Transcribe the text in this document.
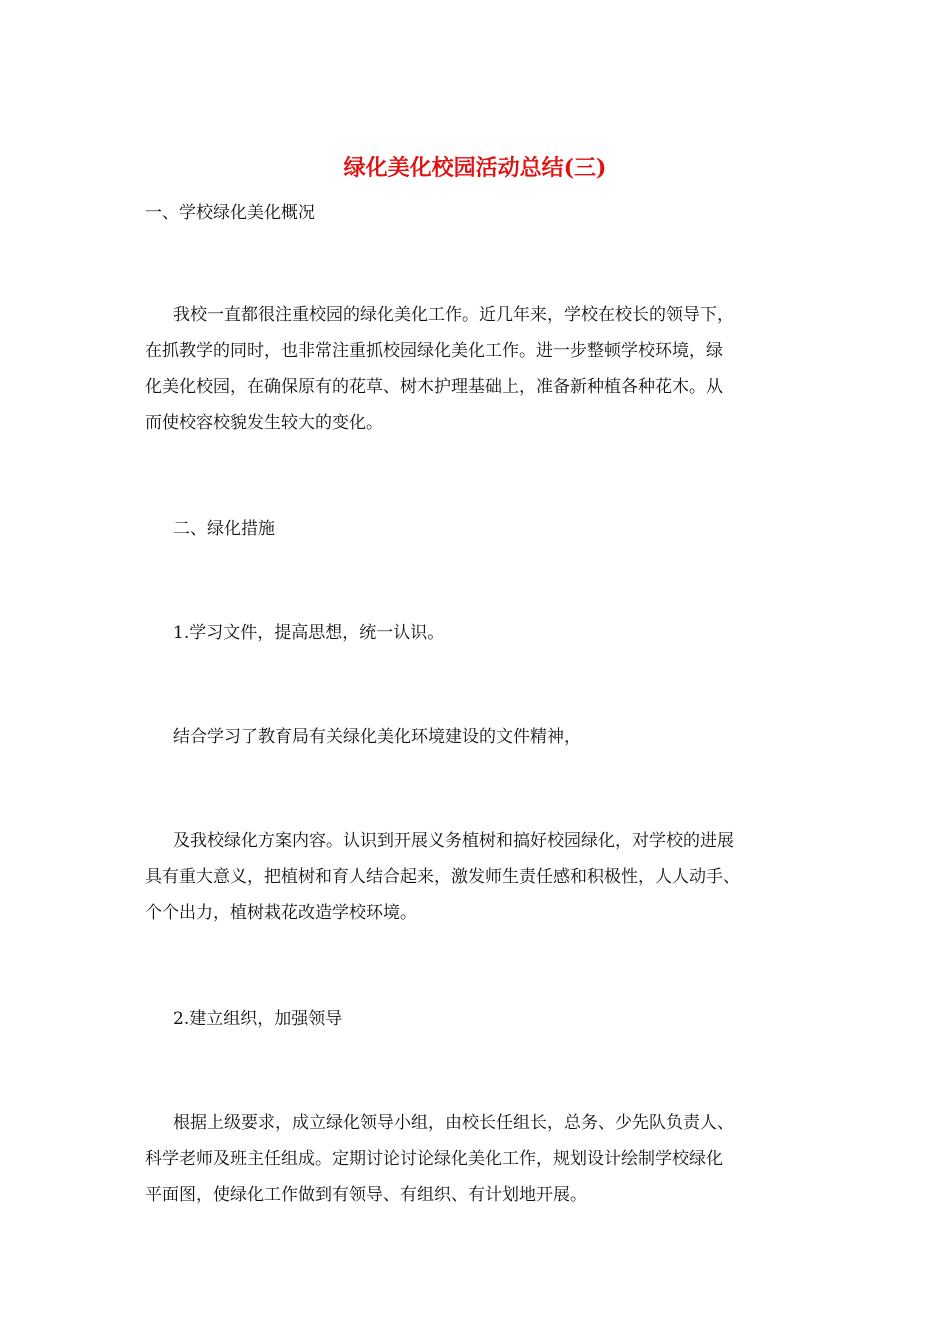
绿化美化校园活动总结(三)

一、学校绿化美化概况

我校一直都很注重校园的绿化美化工作。近几年来，学校在校长的领导下，

在抓教学的同时，也非常注重抓校园绿化美化工作。进一步整顿学校环境，绿

化美化校园，在确保原有的花草、树木护理基础上，准备新种植各种花木。从

而使校容校貌发生较大的变化。

二、绿化措施

1.学习文件，提高思想，统一认识。

结合学习了教育局有关绿化美化环境建设的文件精神，

及我校绿化方案内容。认识到开展义务植树和搞好校园绿化，对学校的进展

具有重大意义，把植树和育人结合起来，激发师生责任感和积极性，人人动手、

个个出力，植树栽花改造学校环境。

2.建立组织，加强领导

根据上级要求，成立绿化领导小组，由校长任组长，总务、少先队负责人、

科学老师及班主任组成。定期讨论讨论绿化美化工作，规划设计绘制学校绿化

平面图，使绿化工作做到有领导、有组织、有计划地开展。
